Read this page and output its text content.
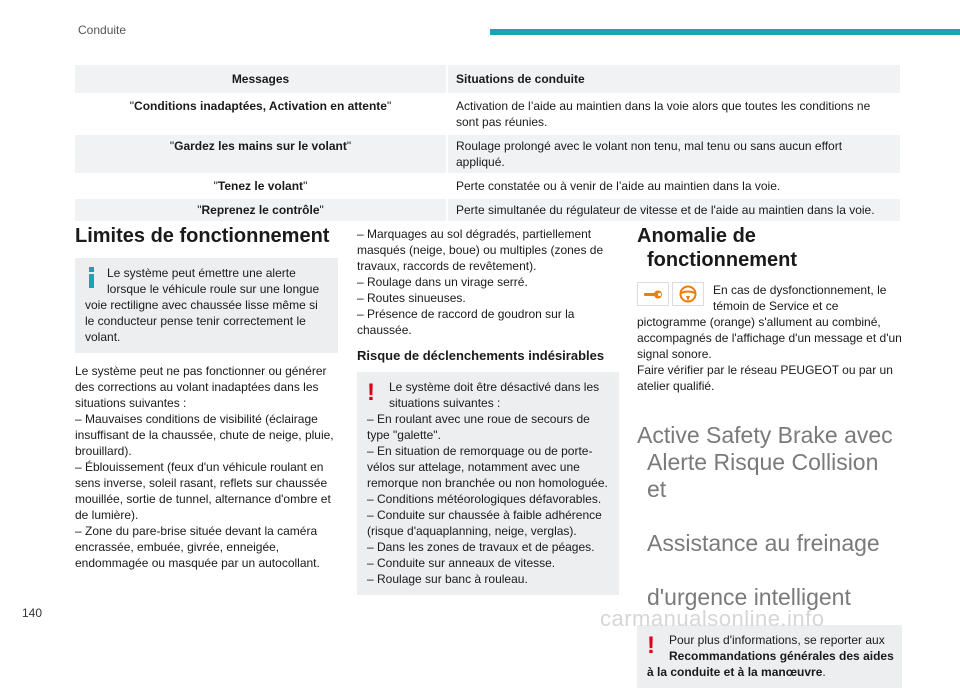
Conduite
Messages	Situations de conduite
"Conditions inadaptées, Activation en attente"	Activation de l’aide au maintien dans la voie alors que toutes les conditions ne sont pas réunies.
"Gardez les mains sur le volant"	Roulage prolongé avec le volant non tenu, mal tenu ou sans aucun effort appliqué.
"Tenez le volant"	Perte constatée ou à venir de l’aide au maintien dans la voie.
"Reprenez le contrôle"	Perte simultanée du régulateur de vitesse et de l'aide au maintien dans la voie.
Limites de fonctionnement

Le système peut émettre une alerte lorsque le véhicule roule sur une longue voie rectiligne avec chaussée lisse même si le conducteur pense tenir correctement le volant.

Le système peut ne pas fonctionner ou générer des corrections au volant inadaptées dans les situations suivantes :

– Mauvaises conditions de visibilité (éclairage insuffisant de la chaussée, chute de neige, pluie, brouillard).

– Éblouissement (feux d'un véhicule roulant en sens inverse, soleil rasant, reflets sur chaussée mouillée, sortie de tunnel, alternance d'ombre et de lumière).

– Zone du pare-brise située devant la caméra encrassée, embuée, givrée, enneigée, endommagée ou masquée par un autocollant.

– Marquages au sol dégradés, partiellement masqués (neige, boue) ou multiples (zones de travaux, raccords de revêtement).

– Roulage dans un virage serré.

– Routes sinueuses.

– Présence de raccord de goudron sur la chaussée.

Risque de déclenchements indésirables
!	Le système doit être désactivé dans les situations suivantes :

– En roulant avec une roue de secours de type "galette".

– En situation de remorquage ou de porte-vélos sur attelage, notamment avec une remorque non branchée ou non homologuée.

– Conditions météorologiques défavorables.

– Conduite sur chaussée à faible adhérence (risque d'aquaplanning, neige, verglas).

– Dans les zones de travaux et de péages.

– Conduite sur anneaux de vitesse.

– Roulage sur banc à rouleau.

Anomalie de

fonctionnement

En cas de dysfonctionnement, le témoin de Service et ce pictogramme (orange) s'allument au combiné, accompagnés de l'affichage d'un message et d'un signal sonore.

Faire vérifier par le réseau PEUGEOT ou par un atelier qualifié.

Active Safety Brake avec

Alerte Risque Collision et

Assistance au freinage

d'urgence intelligent
!	Pour plus d'informations, se reporter aux Recommandations générales des aides à la conduite et à la manœuvre.

140	carmanualsonline.info
